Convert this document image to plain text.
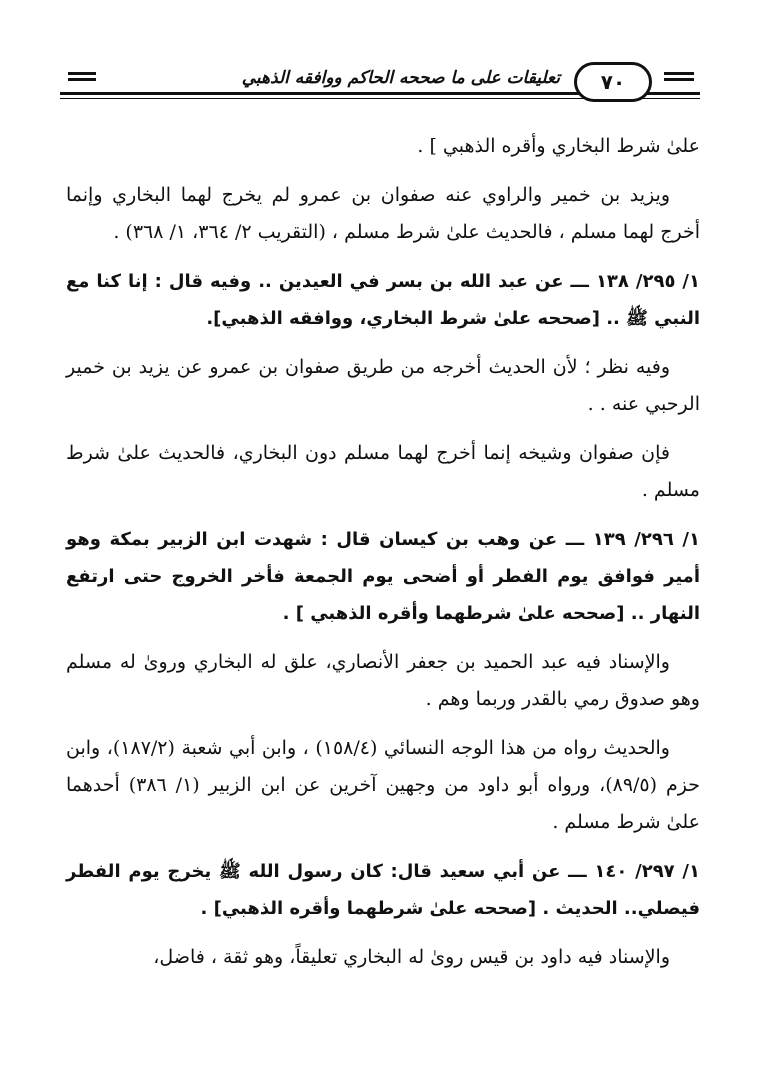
تعليقات على ما صححه الحاكم ووافقه الذهبي	٧٠

علىٰ شرط البخاري وأقره الذهبي ] .

ويزيد بن خمير والراوي عنه صفوان بن عمرو لم يخرج لهما البخاري وإنما أخرج لهما مسلم ، فالحديث علىٰ شرط مسلم ، (التقريب ٢/ ٣٦٤، ١/ ٣٦٨) .

١/ ٢٩٥/ ١٣٨ ـــ عن عبد الله بن بسر في العيدين .. وفيه قال : إنا كنا مع النبي ﷺ .. [صححه علىٰ شرط البخاري، ووافقه الذهبي].

وفيه نظر ؛ لأن الحديث أخرجه من طريق صفوان بن عمرو عن يزيد بن خمير الرحبي عنه . .

فإن صفوان وشيخه إنما أخرج لهما مسلم دون البخاري، فالحديث علىٰ شرط مسلم .

١/ ٢٩٦/ ١٣٩ ـــ عن وهب بن كيسان قال : شهدت ابن الزبير بمكة وهو أمير فوافق يوم الفطر أو أضحى يوم الجمعة فأخر الخروج حتى ارتفع النهار .. [صححه علىٰ شرطهما وأقره الذهبي ] .

والإسناد فيه عبد الحميد بن جعفر الأنصاري، علق له البخاري وروىٰ له مسلم وهو صدوق رمي بالقدر وربما وهم .

والحديث رواه من هذا الوجه النسائي (١٥٨/٤) ، وابن أبي شعبة (١٨٧/٢)، وابن حزم (٨٩/٥)، ورواه أبو داود من وجهين آخرين عن ابن الزبير (١/ ٣٨٦) أحدهما علىٰ شرط مسلم .

١/ ٢٩٧/ ١٤٠ ـــ عن أبي سعيد قال: كان رسول الله ﷺ يخرج يوم الفطر فيصلي.. الحديث . [صححه علىٰ شرطهما وأقره الذهبي] .

والإسناد فيه داود بن قيس روىٰ له البخاري تعليقاً، وهو ثقة ، فاضل،
